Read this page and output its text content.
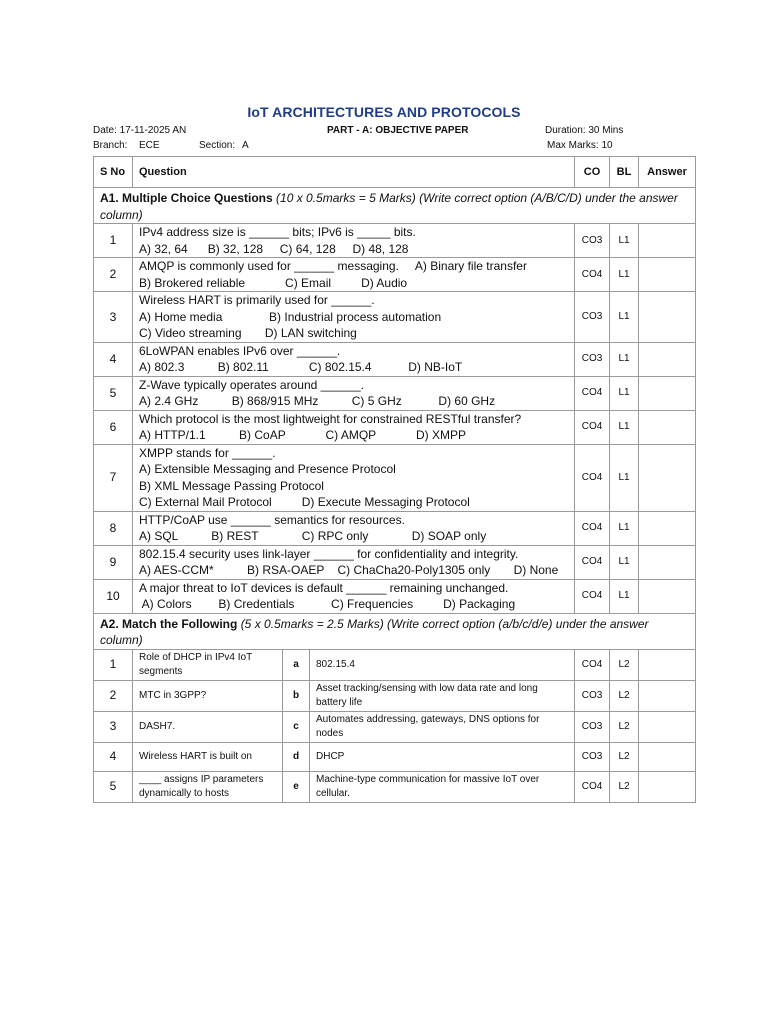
IoT ARCHITECTURES AND PROTOCOLS
Date: 17-11-2025 AN	PART - A: OBJECTIVE PAPER	Duration: 30 Mins
Branch: ECE	Section: A	Max Marks: 10
S No	Question			CO	BL	Answer
A1. Multiple Choice Questions (10 x 0.5marks = 5 Marks) (Write correct option (A/B/C/D) under the answer column)						
1	IPv4 address size is ______ bits; IPv6 is _____ bits.
A) 32, 64      B) 32, 128     C) 64, 128     D) 48, 128			CO3	L1	
2	AMQP is commonly used for ______ messaging.     A) Binary file transfer
B) Brokered reliable            C) Email         D) Audio			CO4	L1	
3	Wireless HART is primarily used for ______.
A) Home media              B) Industrial process automation
C) Video streaming       D) LAN switching			CO3	L1	
4	6LoWPAN enables IPv6 over ______.
A) 802.3          B) 802.11            C) 802.15.4           D) NB-IoT			CO3	L1	
5	Z-Wave typically operates around ______.
A) 2.4 GHz          B) 868/915 MHz          C) 5 GHz           D) 60 GHz			CO4	L1	
6	Which protocol is the most lightweight for constrained RESTful transfer?
A) HTTP/1.1          B) CoAP            C) AMQP            D) XMPP			CO4	L1	
7	XMPP stands for ______.
A) Extensible Messaging and Presence Protocol
B) XML Message Passing Protocol
C) External Mail Protocol         D) Execute Messaging Protocol			CO4	L1	
8	HTTP/CoAP use ______ semantics for resources.
A) SQL          B) REST             C) RPC only             D) SOAP only			CO4	L1	
9	802.15.4 security uses link-layer ______ for confidentiality and integrity.
A) AES-CCM*          B) RSA-OAEP    C) ChaCha20-Poly1305 only       D) None			CO4	L1	
10	A major threat to IoT devices is default ______ remaining unchanged.
A) Colors        B) Credentials           C) Frequencies         D) Packaging			CO4	L1	
A2. Match the Following (5 x 0.5marks = 2.5 Marks) (Write correct option (a/b/c/d/e) under the answer column)						
1	Role of DHCP in IPv4 IoT segments	a	802.15.4	CO4	L2	
2	MTC in 3GPP?	b	Asset tracking/sensing with low data rate and long battery life	CO3	L2	
3	DASH7.	c	Automates addressing, gateways, DNS options for nodes	CO3	L2	
4	Wireless HART is built on	d	DHCP	CO3	L2	
5	____ assigns IP parameters dynamically to hosts	e	Machine-type communication for massive IoT over cellular.	CO4	L2	
